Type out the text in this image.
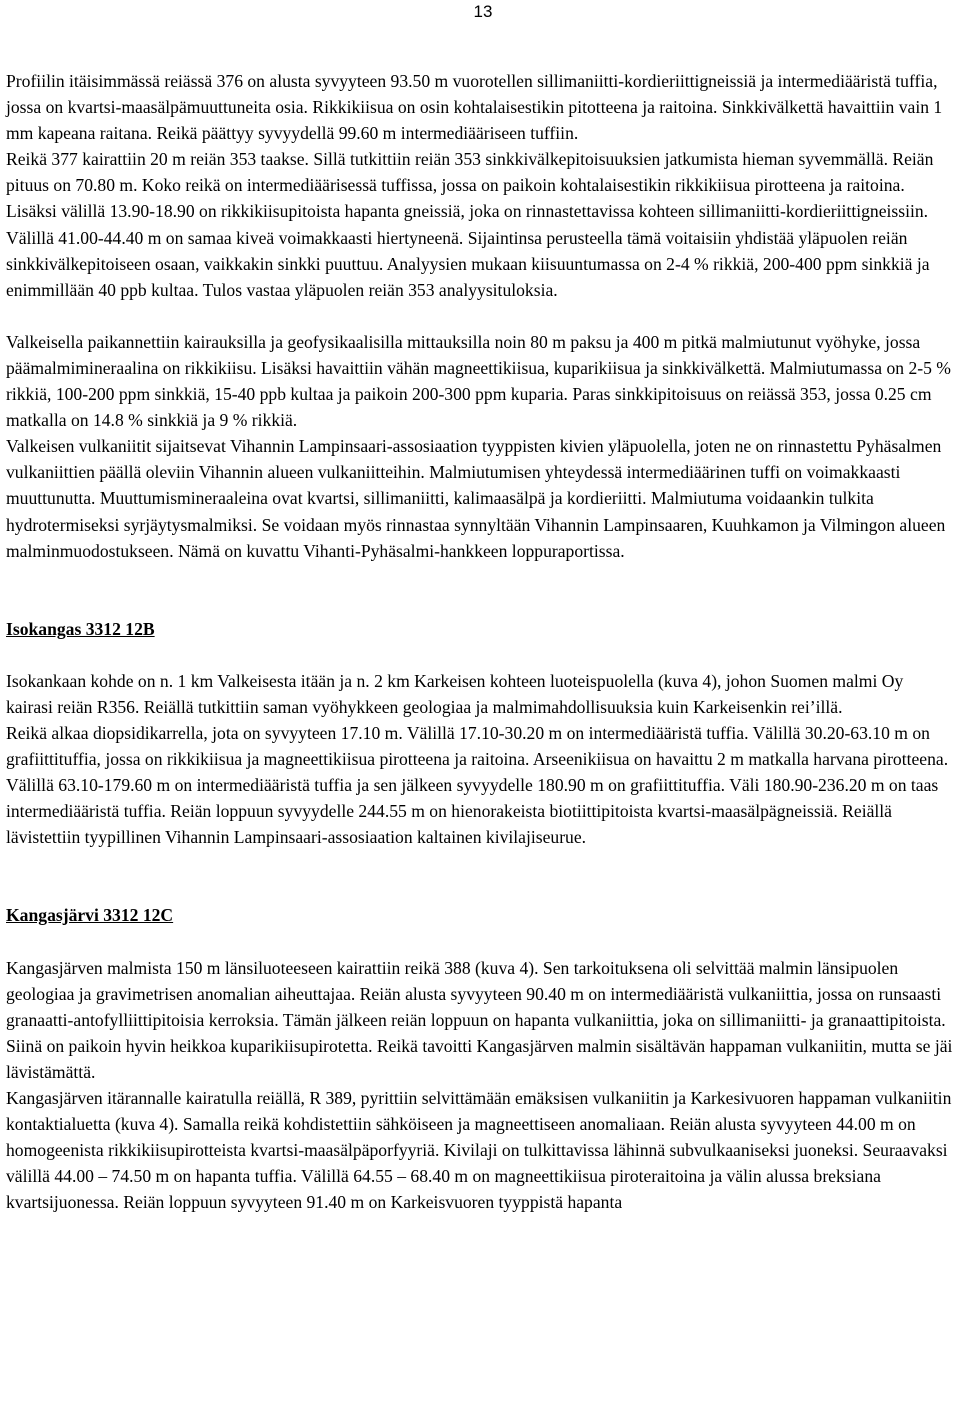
13

Profiilin itäisimmässä reiässä 376 on alusta syvyyteen 93.50 m vuorotellen sillimaniitti-kordieriittigneissiä ja intermediääristä tuffia, jossa on kvartsi-maasälpämuuttuneita osia. Rikkikiisua on osin kohtalaisestikin pitotteena ja raitoina. Sinkkivälkettä havaittiin vain 1 mm kapeana raitana. Reikä päättyy syvyydellä 99.60 m intermediääriseen tuffiin.

Reikä 377 kairattiin 20 m reiän 353 taakse. Sillä tutkittiin reiän 353 sinkkivälkepitoisuuksien jatkumista hieman syvemmällä. Reiän pituus on 70.80 m. Koko reikä on intermediäärisessä tuffissa, jossa on paikoin kohtalaisestikin rikkikiisua pirotteena ja raitoina. Lisäksi välillä 13.90-18.90 on rikkikiisupitoista hapanta gneissiä, joka on rinnastettavissa kohteen sillimaniitti-kordieriittigneissiin. Välillä 41.00-44.40 m on samaa kiveä voimakkaasti hiertyneenä. Sijaintinsa perusteella tämä voitaisiin yhdistää yläpuolen reiän sinkkivälkepitoiseen osaan, vaikkakin sinkki puuttuu. Analyysien mukaan kiisuuntumassa on 2-4 % rikkiä, 200-400 ppm sinkkiä ja enimmillään 40 ppb kultaa. Tulos vastaa yläpuolen reiän 353 analyysituloksia.

Valkeisella paikannettiin kairauksilla ja geofysikaalisilla mittauksilla noin 80 m paksu ja 400 m pitkä malmiutunut vyöhyke, jossa päämalmimineraalina on rikkikiisu. Lisäksi havaittiin vähän magneettikiisua, kuparikiisua ja sinkkivälkettä. Malmiutumassa on 2-5 % rikkiä, 100-200 ppm sinkkiä, 15-40 ppb kultaa ja paikoin 200-300 ppm kuparia. Paras sinkkipitoisuus on reiässä 353, jossa 0.25 cm matkalla on 14.8 % sinkkiä ja 9 % rikkiä.

Valkeisen vulkaniitit sijaitsevat Vihannin Lampinsaari-assosiaation tyyppisten kivien yläpuolella, joten ne on rinnastettu Pyhäsalmen vulkaniittien päällä oleviin Vihannin alueen vulkaniitteihin. Malmiutumisen yhteydessä intermediäärinen tuffi on voimakkaasti muuttunutta. Muuttumismineraaleina ovat kvartsi, sillimaniitti, kalimaasälpä ja kordieriitti. Malmiutuma voidaankin tulkita hydrotermiseksi syrjäytysmalmiksi. Se voidaan myös rinnastaa synnyltään Vihannin Lampinsaaren, Kuuhkamon ja Vilmingon alueen malminmuodostukseen. Nämä on kuvattu Vihanti-Pyhäsalmi-hankkeen loppuraportissa.

Isokangas 3312 12B

Isokankaan kohde on n. 1 km Valkeisesta itään ja n. 2 km Karkeisen kohteen luoteispuolella (kuva 4), johon Suomen malmi Oy kairasi reiän R356. Reiällä tutkittiin saman vyöhykkeen geologiaa ja malmimahdollisuuksia kuin Karkeisenkin rei’illä.

Reikä alkaa diopsidikarrella, jota on syvyyteen 17.10 m. Välillä 17.10-30.20 m on intermediääristä tuffia. Välillä 30.20-63.10 m on grafiittituffia, jossa on rikkikiisua ja magneettikiisua pirotteena ja raitoina. Arseenikiisua on havaittu 2 m matkalla harvana pirotteena. Välillä 63.10-179.60 m on intermediääristä tuffia ja sen jälkeen syvyydelle 180.90 m on grafiittituffia. Väli 180.90-236.20 m on taas intermediääristä tuffia. Reiän loppuun syvyydelle 244.55 m on hienorakeista biotiittipitoista kvartsi-maasälpägneissiä. Reiällä lävistettiin tyypillinen Vihannin Lampinsaari-assosiaation kaltainen kivilajiseurue.

Kangasjärvi 3312 12C

Kangasjärven malmista 150 m länsiluoteeseen kairattiin reikä 388 (kuva 4). Sen tarkoituksena oli selvittää malmin länsipuolen geologiaa ja gravimetrisen anomalian aiheuttajaa. Reiän alusta syvyyteen 90.40 m on intermediääristä vulkaniittia, jossa on runsaasti granaatti-antofylliittipitoisia kerroksia. Tämän jälkeen reiän loppuun on hapanta vulkaniittia, joka on sillimaniitti- ja granaattipitoista. Siinä on paikoin hyvin heikkoa kuparikiisupirotetta. Reikä tavoitti Kangasjärven malmin sisältävän happaman vulkaniitin, mutta se jäi lävistämättä.

Kangasjärven itärannalle kairatulla reiällä, R 389, pyrittiin selvittämään emäksisen vulkaniitin ja Karkesivuoren happaman vulkaniitin kontaktialuetta (kuva 4). Samalla reikä kohdistettiin sähköiseen ja magneettiseen anomaliaan. Reiän alusta syvyyteen 44.00 m on homogeenista rikkikiisupirotteista kvartsi-maasälpäporfyyriä. Kivilaji on tulkittavissa lähinnä subvulkaaniseksi juoneksi. Seuraavaksi välillä 44.00 – 74.50 m on hapanta tuffia. Välillä 64.55 – 68.40 m on magneettikiisua piroteraitoina ja välin alussa breksiana kvartsijuonessa. Reiän loppuun syvyyteen 91.40 m on Karkeisvuoren tyyppistä hapanta
